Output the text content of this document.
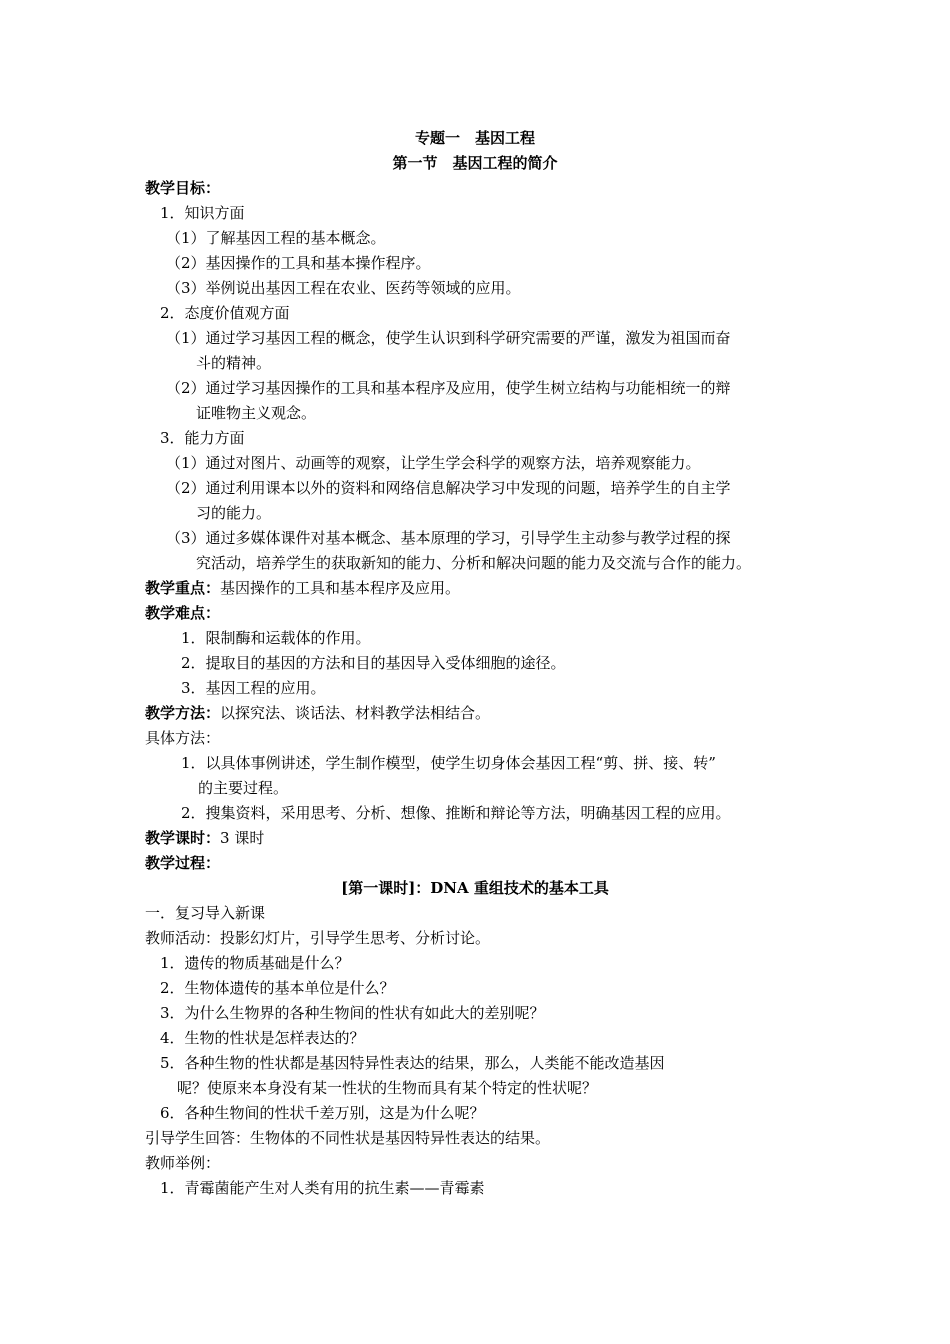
专题一　基因工程
第一节　基因工程的简介
教学目标：
1．知识方面
（1）了解基因工程的基本概念。
（2）基因操作的工具和基本操作程序。
（3）举例说出基因工程在农业、医药等领域的应用。
2．态度价值观方面
（1）通过学习基因工程的概念，使学生认识到科学研究需要的严谨，激发为祖国而奋
斗的精神。
（2）通过学习基因操作的工具和基本程序及应用，使学生树立结构与功能相统一的辩
证唯物主义观念。
3．能力方面
（1）通过对图片、动画等的观察，让学生学会科学的观察方法，培养观察能力。
（2）通过利用课本以外的资料和网络信息解决学习中发现的问题，培养学生的自主学
习的能力。
（3）通过多媒体课件对基本概念、基本原理的学习，引导学生主动参与教学过程的探
究活动，培养学生的获取新知的能力、分析和解决问题的能力及交流与合作的能力。
教学重点：基因操作的工具和基本程序及应用。
教学难点：
1．限制酶和运载体的作用。
2．提取目的基因的方法和目的基因导入受体细胞的途径。
3．基因工程的应用。
教学方法：以探究法、谈话法、材料教学法相结合。
具体方法：
1．以具体事例讲述，学生制作模型，使学生切身体会基因工程“剪、拼、接、转”
的主要过程。
2．搜集资料，采用思考、分析、想像、推断和辩论等方法，明确基因工程的应用。
教学课时：3 课时
教学过程：
[第一课时]：DNA 重组技术的基本工具
一．复习导入新课
教师活动：投影幻灯片，引导学生思考、分析讨论。
1．遗传的物质基础是什么？
2．生物体遗传的基本单位是什么？
3．为什么生物界的各种生物间的性状有如此大的差别呢？
4．生物的性状是怎样表达的？
5．各种生物的性状都是基因特异性表达的结果，那么，人类能不能改造基因
呢？使原来本身没有某一性状的生物而具有某个特定的性状呢？
6．各种生物间的性状千差万别，这是为什么呢？
引导学生回答：生物体的不同性状是基因特异性表达的结果。
教师举例：
1．青霉菌能产生对人类有用的抗生素——青霉素
